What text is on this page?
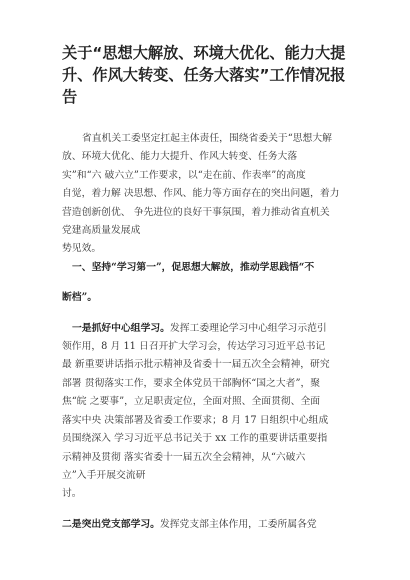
关于“思想大解放、环境大优化、能力大提
升、作风大转变、任务大落实”工作情况报
告
省直机关工委坚定扛起主体责任，围绕省委关于“思想大解
放、环境大优化、能力大提升、作风大转变、任务大落
实”和“六 破六立”工作要求，以“走在前、作表率”的高度
自觉，着力解 决思想、作风、能力等方面存在的突出问题，着力
营造创新创优、 争先进位的良好干事氛围，着力推动省直机关
党建高质量发展成
势见效。
一、坚持“学习第一”，促思想大解放，推动学思践悟“不
断档”。
一是抓好中心组学习。发挥工委理论学习中心组学习示范引
领作用，8 月 11 日召开扩大学习会，传达学习习近平总书记
最 新重要讲话指示批示精神及省委十一届五次全会精神，研究
部署 贯彻落实工作，要求全体党员干部胸怀“国之大者”，聚
焦“皖 之要事”，立足职责定位，全面对照、全面贯彻、全面
落实中央 决策部署及省委工作要求；8 月 17 日组织中心组成
员围绕深入 学习习近平总书记关于 xx 工作的重要讲话重要指
示精神及贯彻 落实省委十一届五次全会精神，从“六破六
立”入手开展交流研
讨。
二是突出党支部学习。发挥党支部主体作用，工委所属各党
